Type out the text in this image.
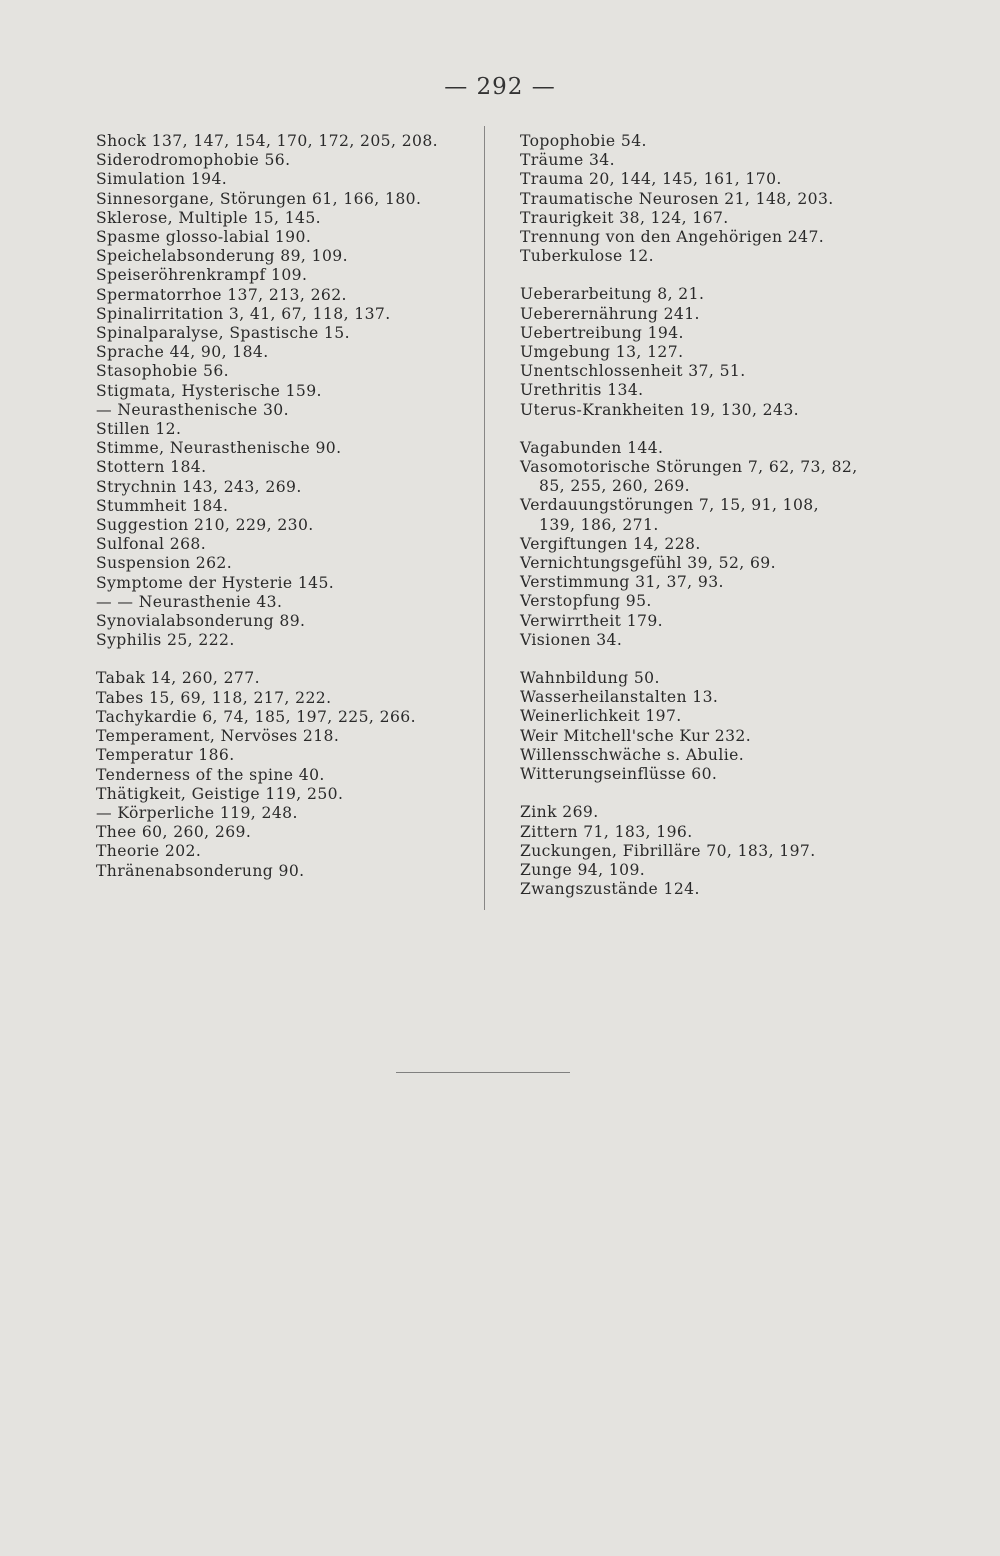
— 292 —
Shock 137, 147, 154, 170, 172, 205, 208.
Siderodromophobie 56.
Simulation 194.
Sinnesorgane, Störungen 61, 166, 180.
Sklerose, Multiple 15, 145.
Spasme glosso-labial 190.
Speichelabsonderung 89, 109.
Speiseröhrenkrampf 109.
Spermatorrhoe 137, 213, 262.
Spinalirritation 3, 41, 67, 118, 137.
Spinalparalyse, Spastische 15.
Sprache 44, 90, 184.
Stasophobie 56.
Stigmata, Hysterische 159.
— Neurasthenische 30.
Stillen 12.
Stimme, Neurasthenische 90.
Stottern 184.
Strychnin 143, 243, 269.
Stummheit 184.
Suggestion 210, 229, 230.
Sulfonal 268.
Suspension 262.
Symptome der Hysterie 145.
— — Neurasthenie 43.
Synovialabsonderung 89.
Syphilis 25, 222.
Tabak 14, 260, 277.
Tabes 15, 69, 118, 217, 222.
Tachykardie 6, 74, 185, 197, 225, 266.
Temperament, Nervöses 218.
Temperatur 186.
Tenderness of the spine 40.
Thätigkeit, Geistige 119, 250.
— Körperliche 119, 248.
Thee 60, 260, 269.
Theorie 202.
Thränenabsonderung 90.
Topophobie 54.
Träume 34.
Trauma 20, 144, 145, 161, 170.
Traumatische Neurosen 21, 148, 203.
Traurigkeit 38, 124, 167.
Trennung von den Angehörigen 247.
Tuberkulose 12.
Ueberarbeitung 8, 21.
Ueberernährung 241.
Uebertreibung 194.
Umgebung 13, 127.
Unentschlossenheit 37, 51.
Urethritis 134.
Uterus-Krankheiten 19, 130, 243.
Vagabunden 144.
Vasomotorische Störungen 7, 62, 73, 82,
85, 255, 260, 269.
Verdauungstörungen 7, 15, 91, 108,
139, 186, 271.
Vergiftungen 14, 228.
Vernichtungsgefühl 39, 52, 69.
Verstimmung 31, 37, 93.
Verstopfung 95.
Verwirrtheit 179.
Visionen 34.
Wahnbildung 50.
Wasserheilanstalten 13.
Weinerlichkeit 197.
Weir Mitchell'sche Kur 232.
Willensschwäche s. Abulie.
Witterungseinflüsse 60.
Zink 269.
Zittern 71, 183, 196.
Zuckungen, Fibrilläre 70, 183, 197.
Zunge 94, 109.
Zwangszustände 124.
